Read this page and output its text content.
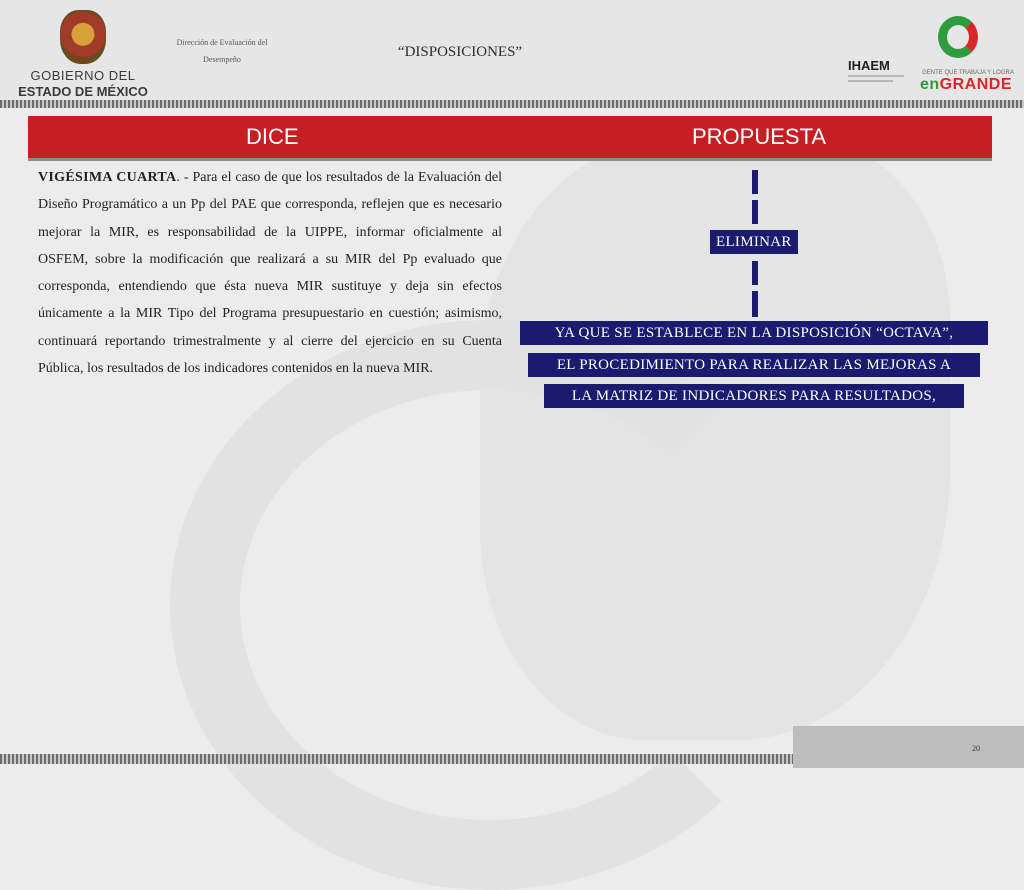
GOBIERNO DEL
ESTADO DE MÉXICO
Dirección de Evaluación del
Desempeño	“DISPOSICIONES”
IHAEM	GENTE QUE TRABAJA Y LOGRA
enGRANDE
DICE	PROPUESTA
VIGÉSIMA CUARTA. - Para el caso de que los resultados de la Evaluación del Diseño Programático a un Pp del PAE que corresponda, reflejen que es necesario mejorar la MIR, es responsabilidad de la UIPPE, informar oficialmente al OSFEM, sobre la modificación que realizará a su MIR del Pp evaluado que corresponda, entendiendo que ésta nueva MIR sustituye y deja sin efectos únicamente a la MIR Tipo del Programa presupuestario en cuestión; asimismo, continuará reportando trimestralmente y al cierre del ejercicio en su Cuenta Pública, los resultados de los indicadores contenidos en la nueva MIR.
ELIMINAR
YA QUE SE ESTABLECE EN LA DISPOSICIÓN “OCTAVA”,
EL PROCEDIMIENTO PARA REALIZAR LAS MEJORAS A
LA MATRIZ DE INDICADORES PARA RESULTADOS,
20
